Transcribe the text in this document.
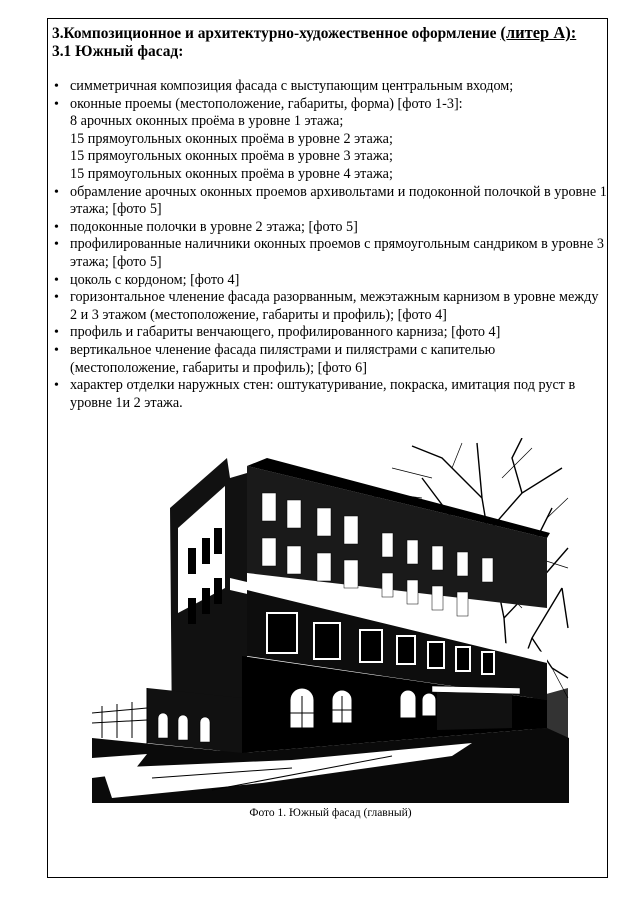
3.Композиционное и архитектурно-художественное оформление (литер А):
3.1 Южный фасад:
• симметричная композиция фасада с выступающим центральным входом;
• оконные проемы (местоположение, габариты, форма) [фото 1-3]:
8 арочных оконных проёма в уровне 1 этажа;
15 прямоугольных оконных проёма в уровне 2 этажа;
15 прямоугольных оконных проёма в уровне 3 этажа;
15 прямоугольных оконных проёма в уровне 4 этажа;
• обрамление арочных оконных проемов архивольтами и подоконной полочкой в уровне 1 этажа; [фото 5]
• подоконные полочки в уровне 2 этажа; [фото 5]
• профилированные наличники оконных проемов с прямоугольным сандриком в уровне 3 этажа; [фото 5]
• цоколь с кордоном; [фото 4]
• горизонтальное членение фасада разорванным, межэтажным карнизом в уровне между 2 и 3 этажом (местоположение, габариты и профиль); [фото 4]
• профиль и габариты венчающего, профилированного карниза; [фото 4]
• вертикальное членение фасада пилястрами и пилястрами с капителью (местоположение, габариты и профиль); [фото 6]
• характер отделки наружных стен: оштукатуривание, покраска, имитация под руст в уровне 1и 2 этажа.
Фото 1. Южный фасад (главный)
